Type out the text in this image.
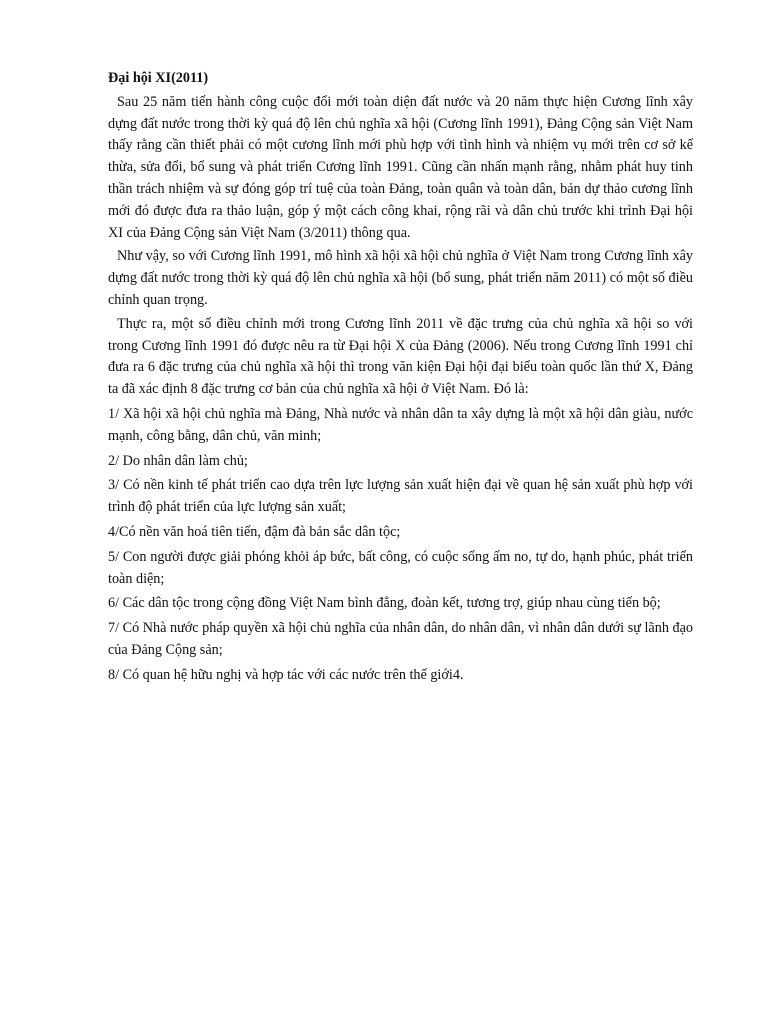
Đại hội XI(2011)

Sau 25 năm tiến hành công cuộc đổi mới toàn diện đất nước và 20 năm thực hiện Cương lĩnh xây dựng đất nước trong thời kỳ quá độ lên chủ nghĩa xã hội (Cương lĩnh 1991), Đảng Cộng sản Việt Nam thấy rằng cần thiết phải có một cương lĩnh mới phù hợp với tình hình và nhiệm vụ mới trên cơ sở kế thừa, sửa đổi, bổ sung và phát triển Cương lĩnh 1991. Cũng cần nhấn mạnh rằng, nhằm phát huy tinh thần trách nhiệm và sự đóng góp trí tuệ của toàn Đảng, toàn quân và toàn dân, bản dự thảo cương lĩnh mới đó được đưa ra thảo luận, góp ý một cách công khai, rộng rãi và dân chủ trước khi trình Đại hội XI của Đảng Cộng sản Việt Nam (3/2011) thông qua.

Như vậy, so với Cương lĩnh 1991, mô hình xã hội xã hội chủ nghĩa ở Việt Nam trong Cương lĩnh xây dựng đất nước trong thời kỳ quá độ lên chủ nghĩa xã hội (bổ sung, phát triển năm 2011) có một số điều chỉnh quan trọng.

Thực ra, một số điều chỉnh mới trong Cương lĩnh 2011 về đặc trưng của chủ nghĩa xã hội so với trong Cương lĩnh 1991 đó được nêu ra từ Đại hội X của Đảng (2006). Nếu trong Cương lĩnh 1991 chỉ đưa ra 6 đặc trưng của chủ nghĩa xã hội thì trong văn kiện Đại hội đại biểu toàn quốc lần thứ X, Đảng ta đã xác định 8 đặc trưng cơ bản của chủ nghĩa xã hội ở Việt Nam. Đó là:

1/ Xã hội xã hội chủ nghĩa mà Đảng, Nhà nước và nhân dân ta xây dựng là một xã hội dân giàu, nước mạnh, công bằng, dân chủ, văn minh;

2/ Do nhân dân làm chủ;

3/ Có nền kinh tế phát triển cao dựa trên lực lượng sản xuất hiện đại về quan hệ sản xuất phù hợp với trình độ phát triển của lực lượng sản xuất;

4/Có nền văn hoá tiên tiến, đậm đà bản sắc dân tộc;

5/ Con người được giải phóng khỏi áp bức, bất công, có cuộc sống ấm no, tự do, hạnh phúc, phát triển toàn diện;

6/ Các dân tộc trong cộng đồng Việt Nam bình đẳng, đoàn kết, tương trợ, giúp nhau cùng tiến bộ;

7/ Có Nhà nước pháp quyền xã hội chủ nghĩa của nhân dân, do nhân dân, vì nhân dân dưới sự lãnh đạo của Đảng Cộng sản;

8/ Có quan hệ hữu nghị và hợp tác với các nước trên thế giới4.
